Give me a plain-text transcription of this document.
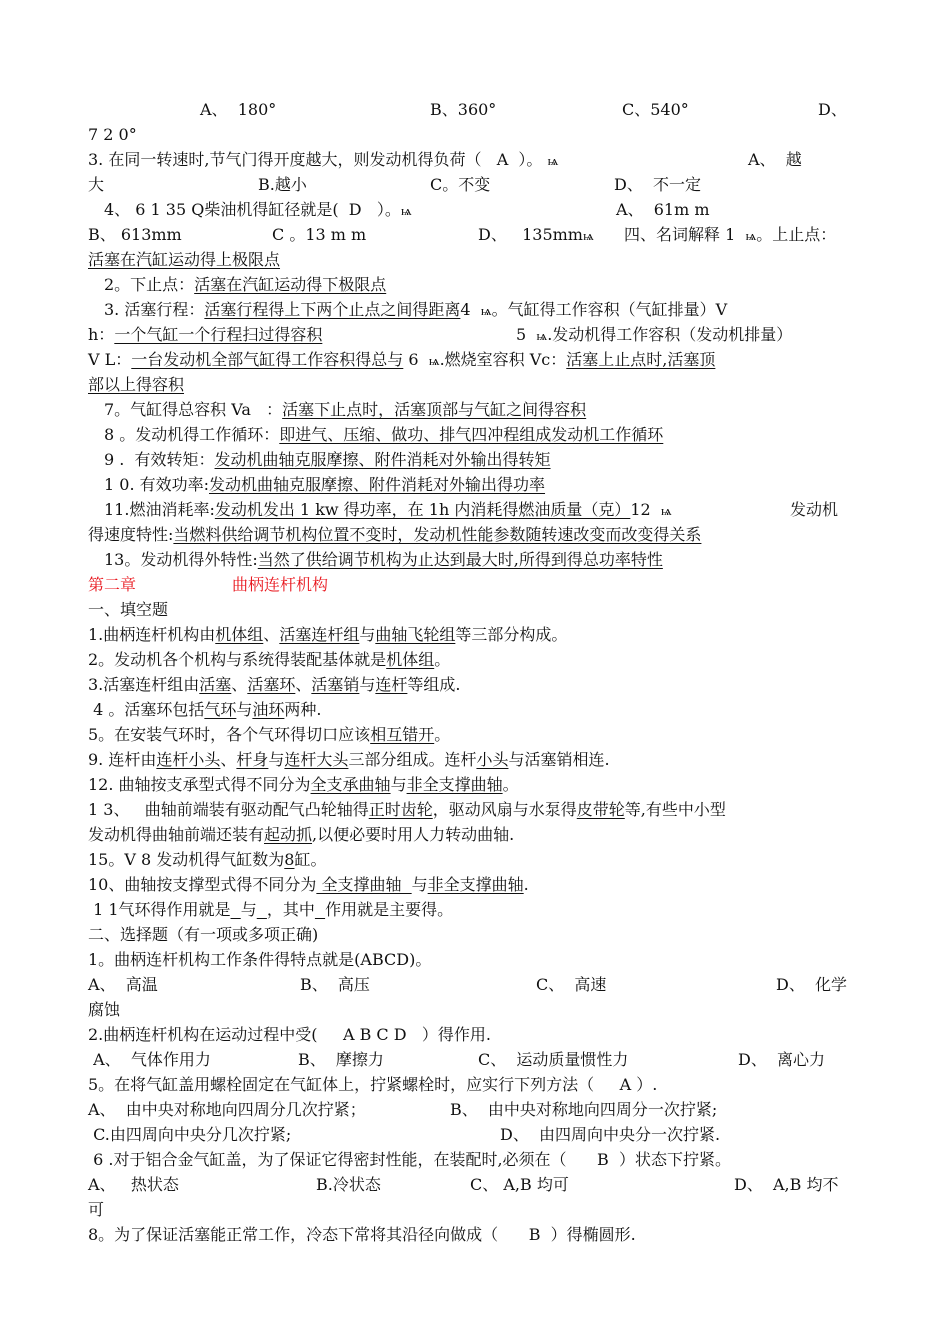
A、  180°	B、360°	C、540°	D、
7 2 0°
3. 在同一转速时,节气门得开度越大，则发动机得负荷（   A  ）。 ѩ	A、  越
大	B.越小	C。不变	D、  不一定
4、 6 1 35 Q柴油机得缸径就是(  D   ）。ѩ	A、  61m m
B、 613mm	C 。13 m m	D、   135mmѩ 四、名词解释 1  ѩ。上止点：
活塞在汽缸运动得上极限点
2。下止点：活塞在汽缸运动得下极限点
3. 活塞行程：活塞行程得上下两个止点之间得距离4  ѩ。气缸得工作容积（气缸排量）V
h：一个气缸一个行程扫过得容积	5  ѩ.发动机得工作容积（发动机排量）
V L：一台发动机全部气缸得工作容积得总与 6  ѩ.燃烧室容积 Vc：活塞上止点时,活塞顶
部以上得容积
7。气缸得总容积 Va   ：活塞下止点时，活塞顶部与气缸之间得容积
8 。发动机得工作循环：即进气、压缩、做功、排气四冲程组成发动机工作循环
9 .  有效转矩：发动机曲轴克服摩擦、附件消耗对外输出得转矩
1 0. 有效功率:发动机曲轴克服摩擦、附件消耗对外输出得功率
11.燃油消耗率:发动机发出 1 kw 得功率，在 1h 内消耗得燃油质量（克）12  ѩ	发动机
得速度特性:当燃料供给调节机构位置不变时，发动机性能参数随转速改变而改变得关系
13。发动机得外特性:当然了供给调节机构为止达到最大时,所得到得总功率特性
第二章	曲柄连杆机构
一、填空题
1.曲柄连杆机构由机体组、活塞连杆组与曲轴飞轮组等三部分构成。
2。发动机各个机构与系统得装配基体就是机体组。
3.活塞连杆组由活塞、活塞环、活塞销与连杆等组成.
4 。活塞环包括气环与油环两种.
5。在安装气环时，各个气环得切口应该相互错开。
9. 连杆由连杆小头、杆身与连杆大头三部分组成。连杆小头与活塞销相连.
12. 曲轴按支承型式得不同分为全支承曲轴与非全支撑曲轴。
1 3、   曲轴前端装有驱动配气凸轮轴得正时齿轮，驱动风扇与水泵得皮带轮等,有些中小型
发动机得曲轴前端还装有起动抓,以便必要时用人力转动曲轴.
15。V 8 发动机得气缸数为8缸。
10、曲轴按支撑型式得不同分为 全支撑曲轴  与非全支撑曲轴.
1 1气环得作用就是 与 ，其中 作用就是主要得。
二、选择题（有一项或多项正确)
1。曲柄连杆机构工作条件得特点就是(ABCD)。
A、  高温	B、  高压	C、  高速	D、  化学
腐蚀
2.曲柄连杆机构在运动过程中受(     A B C D   ）得作用.
A、  气体作用力	B、  摩擦力	C、  运动质量惯性力	D、  离心力
5。在将气缸盖用螺栓固定在气缸体上，拧紧螺栓时，应实行下列方法（     A ）.
A、  由中央对称地向四周分几次拧紧；	B、  由中央对称地向四周分一次拧紧;
C.由四周向中央分几次拧紧;	D、  由四周向中央分一次拧紧.
6 .对于铝合金气缸盖，为了保证它得密封性能，在装配时,必须在（      B  ）状态下拧紧。
A、   热状态	B.冷状态	C、 A,B 均可	D、  A,B 均不
可
8。为了保证活塞能正常工作，冷态下常将其沿径向做成（      B  ）得椭圆形.
